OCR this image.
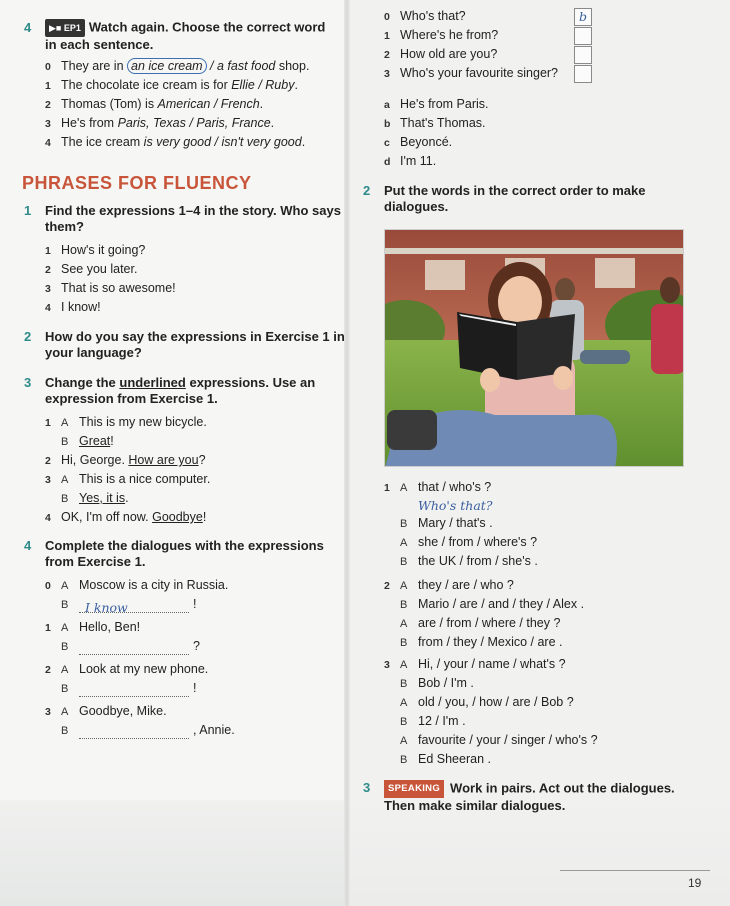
4	▶■ EP1 Watch again. Choose the correct word
in each sentence.
0 They are in an ice cream / a fast food shop.
1 The chocolate ice cream is for Ellie / Ruby.
2 Thomas (Tom) is American / French.
3 He's from Paris, Texas / Paris, France.
4 The ice cream is very good / isn't very good.
PHRASES FOR FLUENCY
1 Find the expressions 1–4 in the story. Who says
them?
1 How's it going?
2 See you later.
3 That is so awesome!
4 I know!
2 How do you say the expressions in Exercise 1 in
your language?
3 Change the underlined expressions. Use an
expression from Exercise 1.
1 A This is my new bicycle.
B Great!
2 Hi, George. How are you?
3 A This is a nice computer.
B Yes, it is.
4 OK, I'm off now. Goodbye!
4 Complete the dialogues with the expressions
from Exercise 1.
0 A Moscow is a city in Russia.
B I know	!
1 A Hello, Ben!
B	?
2 A Look at my new phone.
B	!
3 A Goodbye, Mike.
B	, Annie.
0 Who's that?	b
1 Where's he from?
2 How old are you?
3 Who's your favourite singer?
a He's from Paris.
b That's Thomas.
c Beyoncé.
d I'm 11.
2 Put the words in the correct order to make
dialogues.
1 A that / who's ?
Who's that?
B Mary / that's .
A she / from / where's ?
B the UK / from / she's .
2 A they / are / who ?
B Mario / are / and / they / Alex .
A are / from / where / they ?
B from / they / Mexico / are .
3 A Hi, / your / name / what's ?
B Bob / I'm .
A old / you, / how / are / Bob ?
B 12 / I'm .
A favourite / your / singer / who's ?
B Ed Sheeran .
3	SPEAKING Work in pairs. Act out the dialogues.
Then make similar dialogues.
19
